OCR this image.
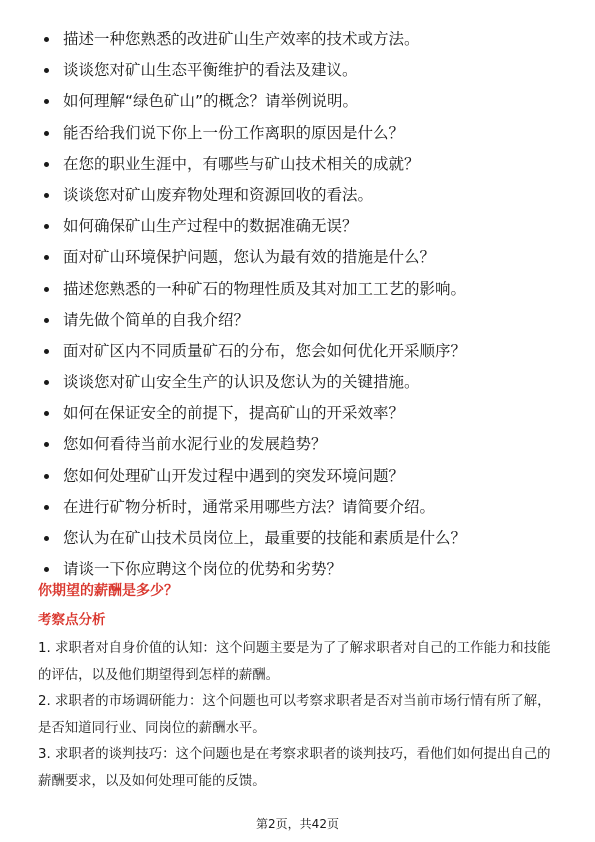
描述一种您熟悉的改进矿山生产效率的技术或方法。
谈谈您对矿山生态平衡维护的看法及建议。
如何理解“绿色矿山”的概念？请举例说明。
能否给我们说下你上一份工作离职的原因是什么？
在您的职业生涯中，有哪些与矿山技术相关的成就？
谈谈您对矿山废弃物处理和资源回收的看法。
如何确保矿山生产过程中的数据准确无误？
面对矿山环境保护问题，您认为最有效的措施是什么？
描述您熟悉的一种矿石的物理性质及其对加工工艺的影响。
请先做个简单的自我介绍？
面对矿区内不同质量矿石的分布，您会如何优化开采顺序？
谈谈您对矿山安全生产的认识及您认为的关键措施。
如何在保证安全的前提下，提高矿山的开采效率？
您如何看待当前水泥行业的发展趋势？
您如何处理矿山开发过程中遇到的突发环境问题？
在进行矿物分析时，通常采用哪些方法？请简要介绍。
您认为在矿山技术员岗位上，最重要的技能和素质是什么？
请谈一下你应聘这个岗位的优势和劣势？
你期望的薪酬是多少？
考察点分析

1. 求职者对自身价值的认知：这个问题主要是为了了解求职者对自己的工作能力和技能的评估，以及他们期望得到怎样的薪酬。

2. 求职者的市场调研能力：这个问题也可以考察求职者是否对当前市场行情有所了解，是否知道同行业、同岗位的薪酬水平。

3. 求职者的谈判技巧：这个问题也是在考察求职者的谈判技巧，看他们如何提出自己的薪酬要求，以及如何处理可能的反馈。

第2页，共42页
